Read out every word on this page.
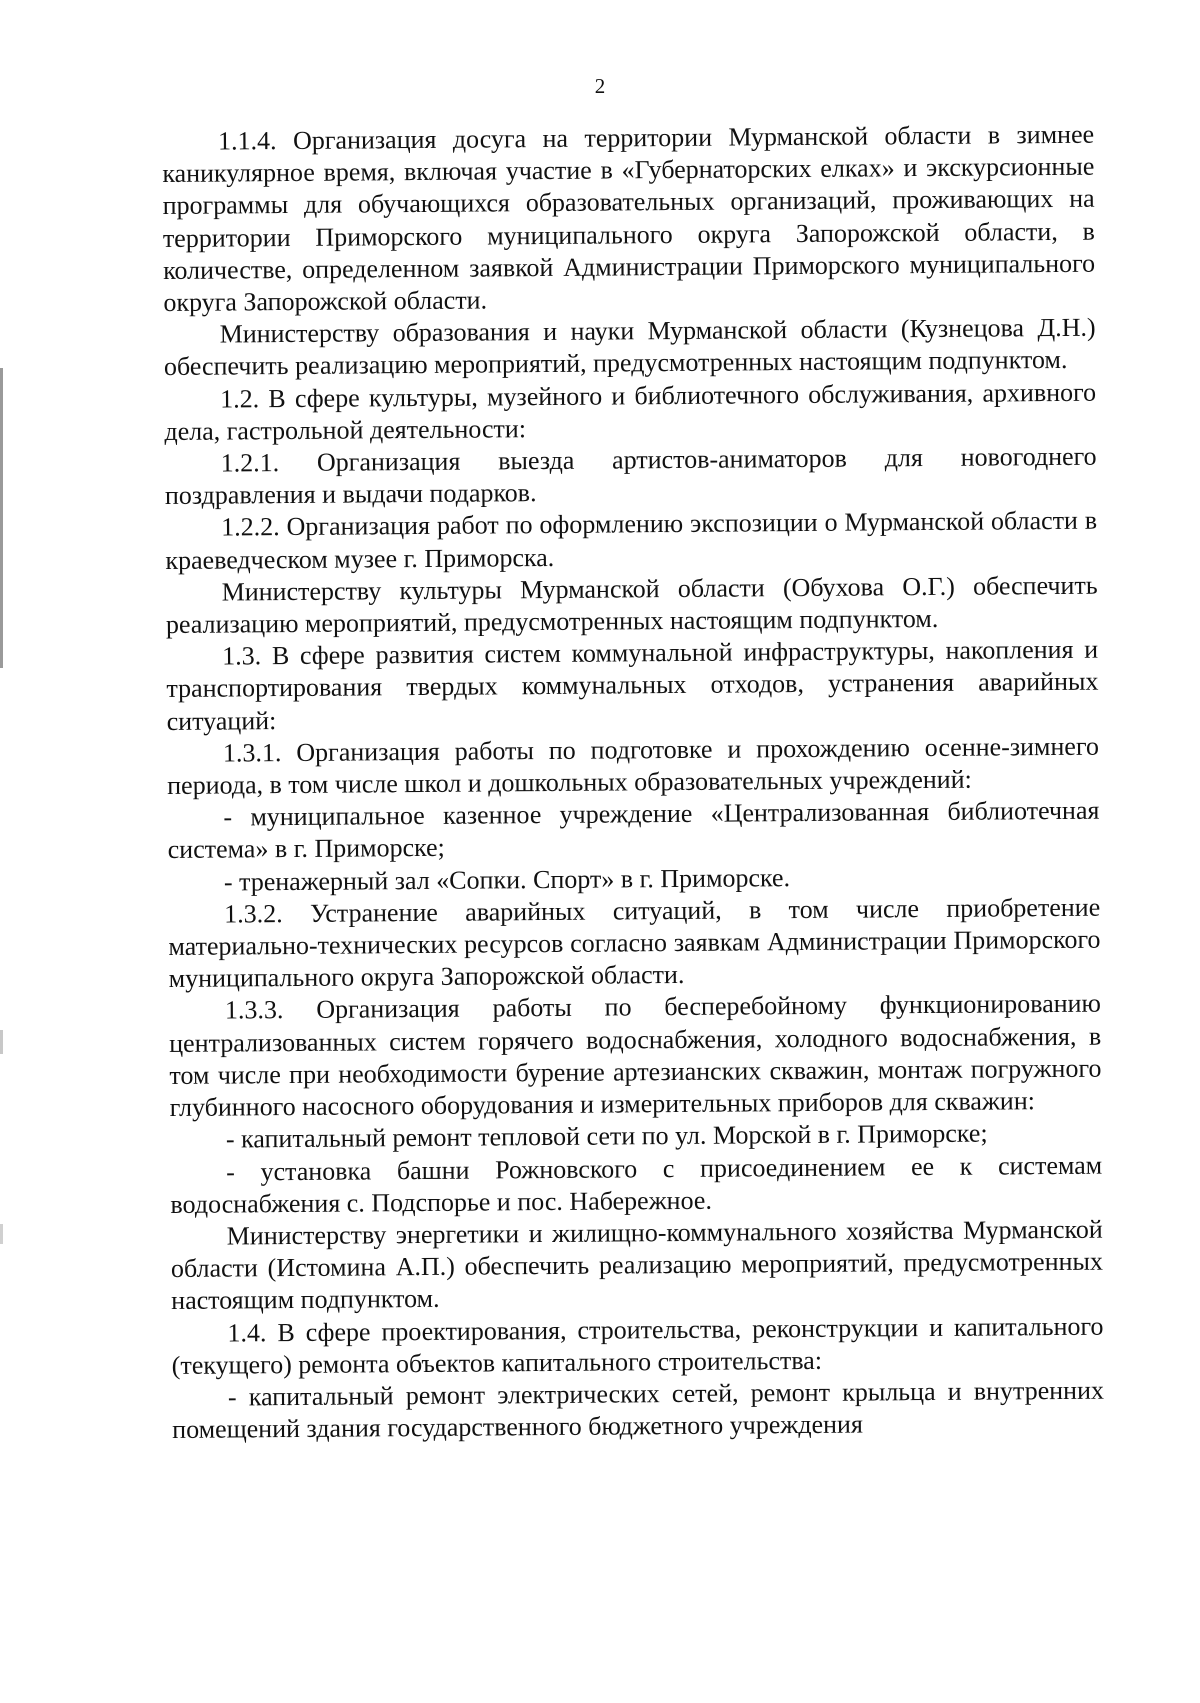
2

1.1.4. Организация досуга на территории Мурманской области в зимнее каникулярное время, включая участие в «Губернаторских елках» и экскурсионные программы для обучающихся образовательных организаций, проживающих на территории Приморского муниципального округа Запорожской области, в количестве, определенном заявкой Администрации Приморского муниципального округа Запорожской области.

Министерству образования и науки Мурманской области (Кузнецова Д.Н.) обеспечить реализацию мероприятий, предусмотренных настоящим подпунктом.

1.2. В сфере культуры, музейного и библиотечного обслуживания, архивного дела, гастрольной деятельности:

1.2.1. Организация выезда артистов-аниматоров для новогоднего поздравления и выдачи подарков.

1.2.2. Организация работ по оформлению экспозиции о Мурманской области в краеведческом музее г. Приморска.

Министерству культуры Мурманской области (Обухова О.Г.) обеспечить реализацию мероприятий, предусмотренных настоящим подпунктом.

1.3. В сфере развития систем коммунальной инфраструктуры, накопления и транспортирования твердых коммунальных отходов, устранения аварийных ситуаций:

1.3.1. Организация работы по подготовке и прохождению осенне-зимнего периода, в том числе школ и дошкольных образовательных учреждений:

- муниципальное казенное учреждение «Централизованная библиотечная система» в г. Приморске;

- тренажерный зал «Сопки. Спорт» в г. Приморске.

1.3.2. Устранение аварийных ситуаций, в том числе приобретение материально-технических ресурсов согласно заявкам Администрации Приморского муниципального округа Запорожской области.

1.3.3. Организация работы по бесперебойному функционированию централизованных систем горячего водоснабжения, холодного водоснабжения, в том числе при необходимости бурение артезианских скважин, монтаж погружного глубинного насосного оборудования и измерительных приборов для скважин:

- капитальный ремонт тепловой сети по ул. Морской в г. Приморске;

- установка башни Рожновского с присоединением ее к системам водоснабжения с. Подспорье и пос. Набережное.

Министерству энергетики и жилищно-коммунального хозяйства Мурманской области (Истомина А.П.) обеспечить реализацию мероприятий, предусмотренных настоящим подпунктом.

1.4. В сфере проектирования, строительства, реконструкции и капитального (текущего) ремонта объектов капитального строительства:

- капитальный ремонт электрических сетей, ремонт крыльца и внутренних помещений здания государственного бюджетного учреждения
